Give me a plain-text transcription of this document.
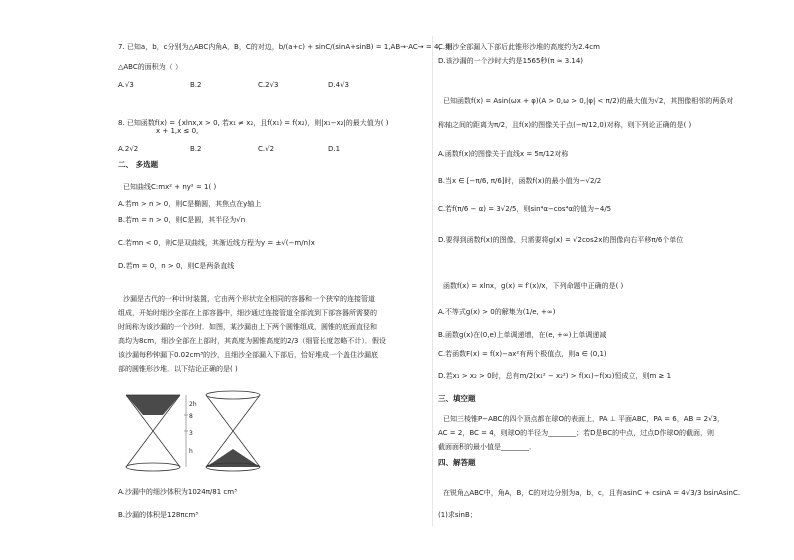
7. 已知a，b，c分别为△ABC内角A，B，C的对边，b/(a+c) + sinC/(sinA+sinB) = 1,AB→·AC→ = 4，则
△ABC的面积为（ ）
A.√3	B.2	C.2√3	D.4√3
8. 已知函数f(x) = {xlnx,x > 0, 若x₁ ≠ x₂，且f(x₁) = f(x₂)，则|x₁−x₂|的最大值为( )
x + 1,x ≤ 0,
A.2√2	B.2	C.√2	D.1
二、 多选题
已知曲线C:mx² + ny² = 1( )
A.若m > n > 0，则C是椭圆，其焦点在y轴上
B.若m = n > 0，则C是圆，其半径为√n
C.若mn < 0，则C是双曲线，其渐近线方程为y = ±√(−m/n)x
D.若m = 0，n > 0，则C是两条直线
沙漏是古代的一种计时装置，它由两个形状完全相同的容器和一个狭窄的连接管道
组成，开始时细沙全部在上部容器中，细沙通过连接管道全部流到下部容器所需要的
时间称为该沙漏的一个沙时．如图，某沙漏由上下两个圆锥组成，圆锥的底面直径和
高均为8cm，细沙全部在上部时，其高度为圆锥高度的2/3（细管长度忽略不计）．假设
该沙漏每秒钟漏下0.02cm³的沙，且细沙全部漏入下部后，恰好堆成一个盖住沙漏底
部的圆锥形沙堆．以下结论正确的是( )
2h
8
3
h
A.沙漏中的细沙体积为1024π/81 cm³
B.沙漏的体积是128πcm³
C.细沙全部漏入下部后此锥形沙堆的高度约为2.4cm
D.该沙漏的一个沙时大约是1565秒(π ≈ 3.14)
已知函数f(x) = Asin(ωx + φ)(A > 0,ω > 0,|φ| < π/2)的最大值为√2，其图像相邻的两条对
称轴之间的距离为π/2，且f(x)的图像关于点(−π/12,0)对称，则下列论正确的是( )
A.函数f(x)的图像关于直线x = 5π/12对称
B.当x ∈ [−π/6, π/6]时，函数f(x)的最小值为−√2/2
C.若f(π/6 − α) = 3√2/5，则sin⁴α−cos⁴α的值为−4/5
D.要得到函数f(x)的图像，只需要将g(x) = √2cos2x的图像向右平移π/6个单位
函数f(x) = xlnx，g(x) = f′(x)/x，下列命题中正确的是( )
A.不等式g(x) > 0的解集为(1/e, +∞)
B.函数g(x)在(0,e)上单调递增，在(e, +∞)上单调递减
C.若函数F(x) = f(x)−ax²有两个极值点，则a ∈ (0,1)
D.若x₁ > x₂ > 0时，总有m/2(x₁² − x₂²) > f(x₁)−f(x₂)恒成立，则m ≥ 1
三、填空题
已知三棱锥P−ABC的四个顶点都在球O的表面上，PA ⊥ 平面ABC，PA = 6，AB = 2√3，
AC = 2，BC = 4，则球O的半径为________；若D是BC的中点，过点D作球O的截面，则
截面面积的最小值是________．
四、解答题
在锐角△ABC中，角A，B，C的对边分别为a，b，c，且有asinC + csinA = 4√3/3 bsinAsinC.
(1)求sinB；
